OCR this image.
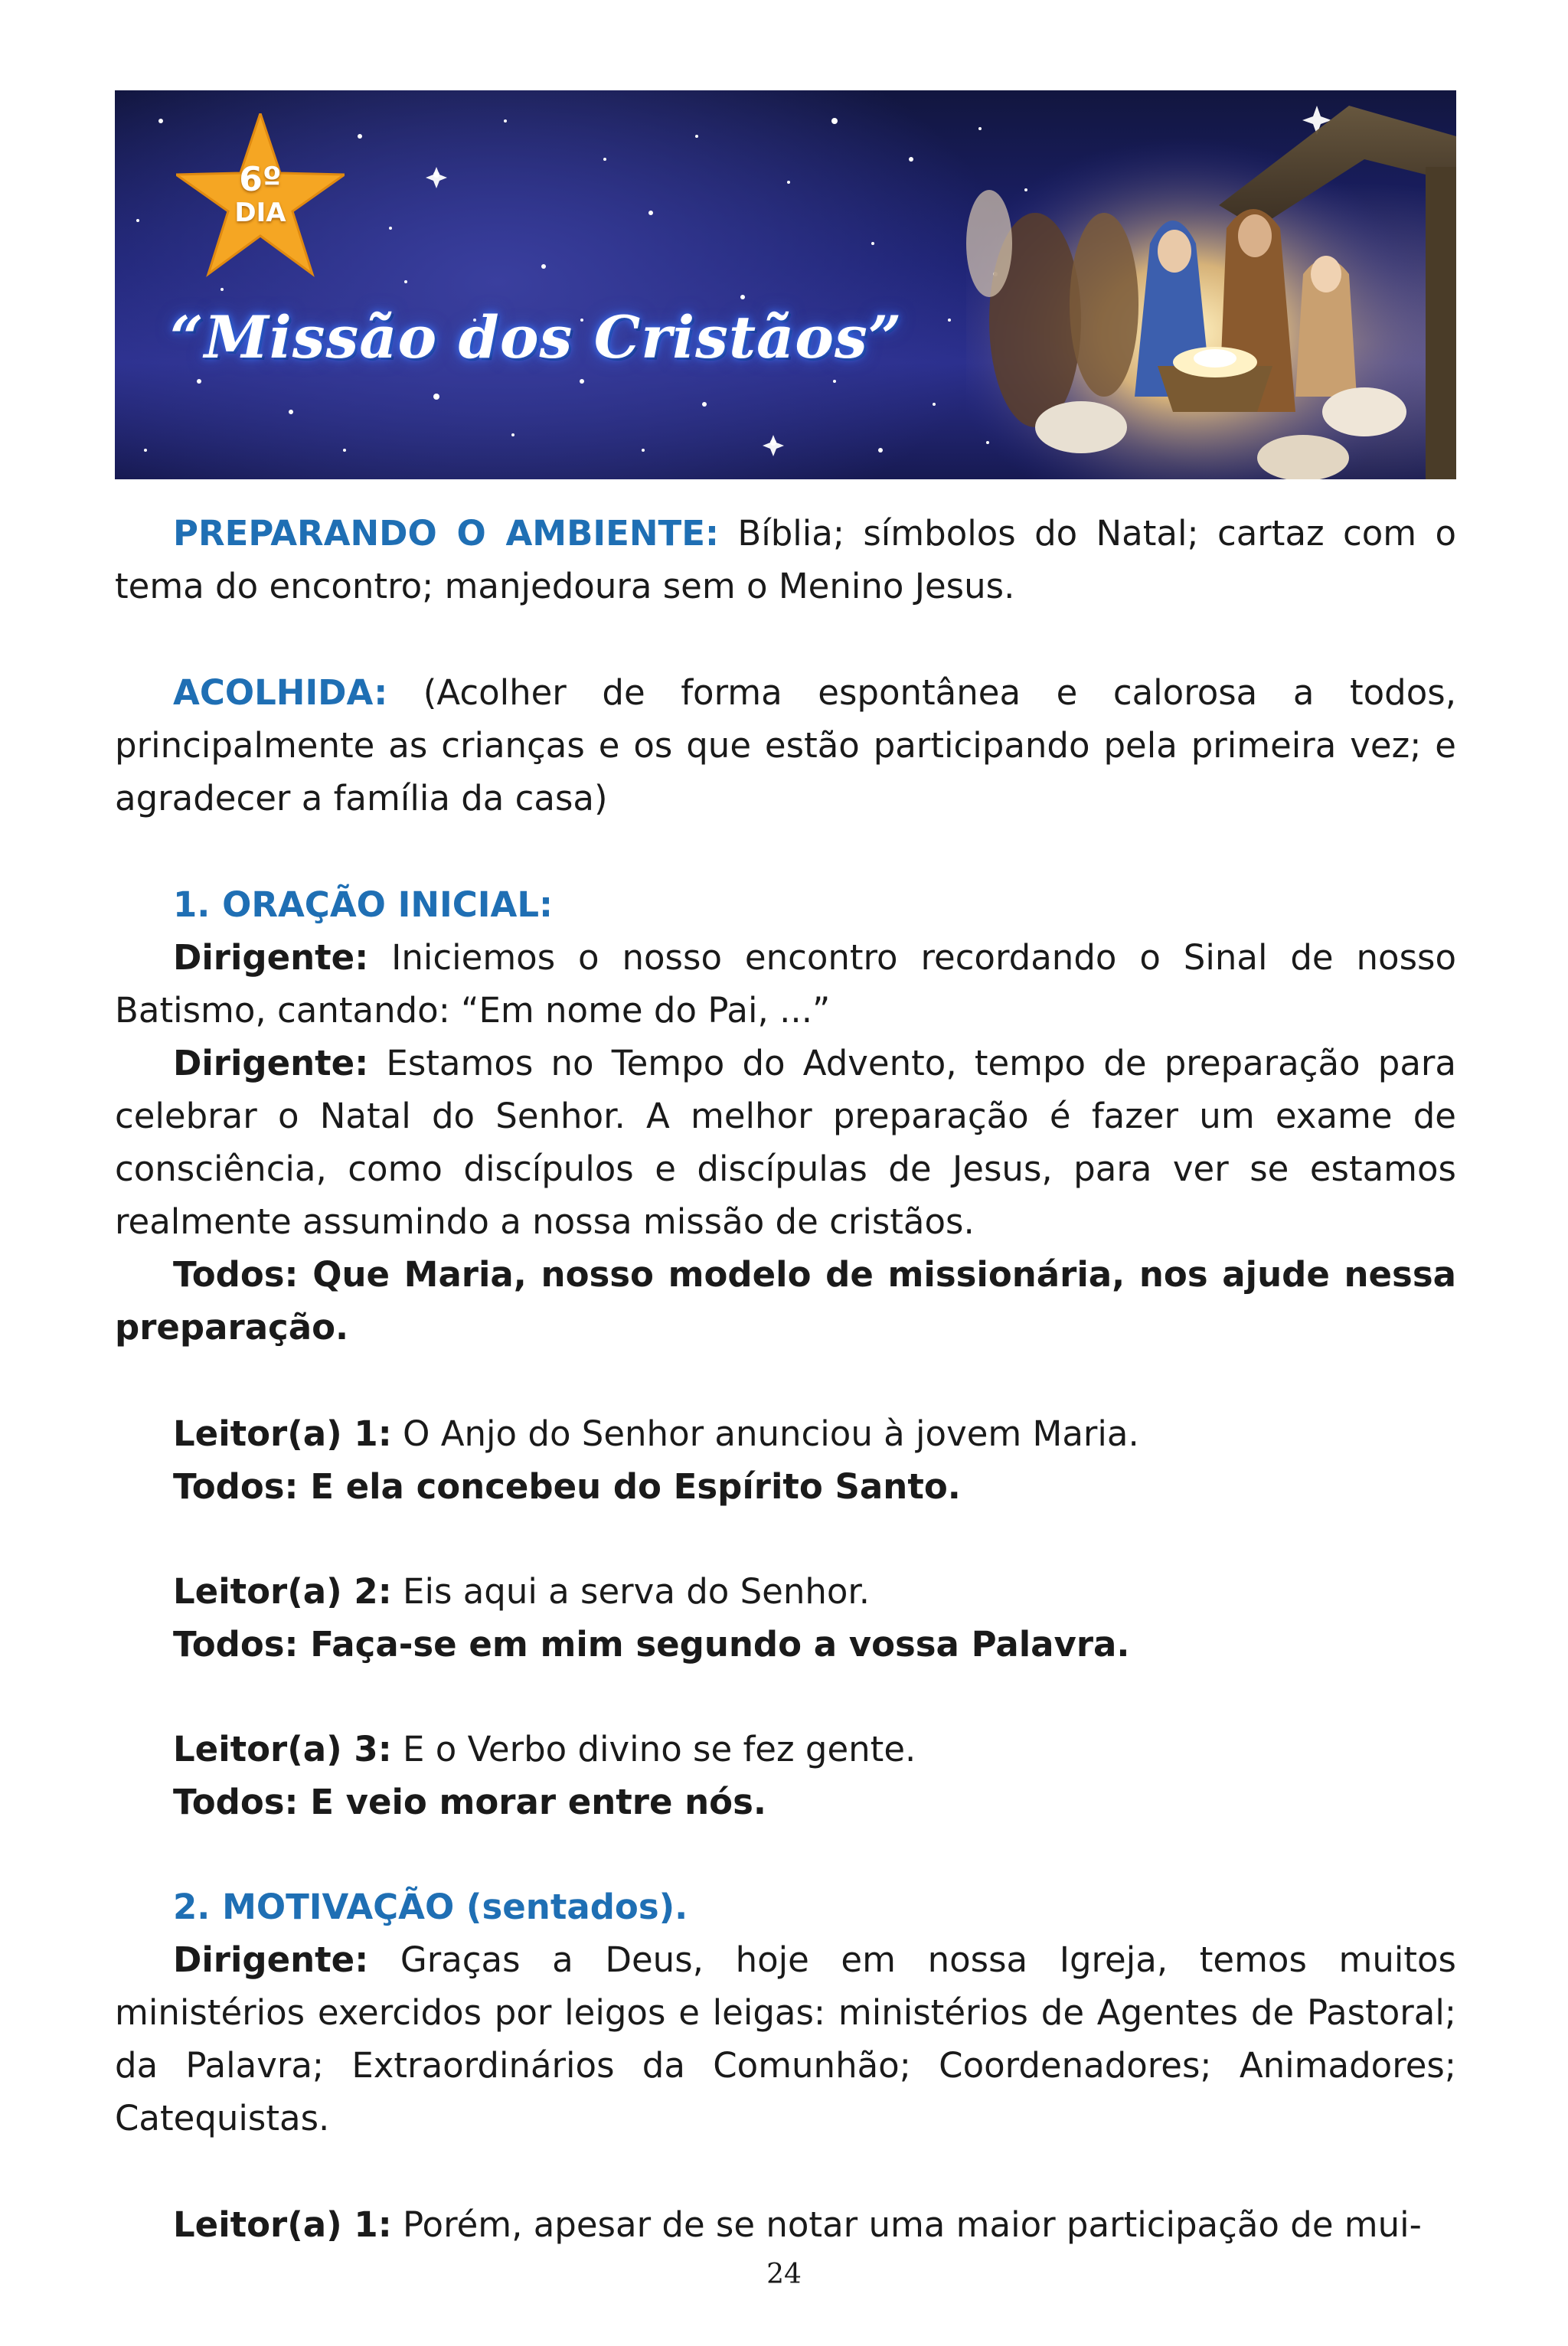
6º
DIA
“Missão dos Cristãos”

PREPARANDO O AMBIENTE: Bíblia; símbolos do Natal; cartaz com o tema do encontro; manjedoura sem o Menino Jesus.

ACOLHIDA: (Acolher de forma espontânea e calorosa a todos, principalmente as crianças e os que estão participando pela primeira vez; e agradecer a família da casa)

1. ORAÇÃO INICIAL:

Dirigente: Iniciemos o nosso encontro recordando o Sinal de nosso Batismo, cantando: “Em nome do Pai, ...”

Dirigente: Estamos no Tempo do Advento, tempo de preparação para celebrar o Natal do Senhor. A melhor preparação é fazer um exame de consciência, como discípulos e discípulas de Jesus, para ver se estamos realmente assumindo a nossa missão de cristãos.

Todos: Que Maria, nosso modelo de missionária, nos ajude nessa preparação.

Leitor(a) 1: O Anjo do Senhor anunciou à jovem Maria.

Todos: E ela concebeu do Espírito Santo.

Leitor(a) 2: Eis aqui a serva do Senhor.

Todos: Faça-se em mim segundo a vossa Palavra.

Leitor(a) 3: E o Verbo divino se fez gente.

Todos: E veio morar entre nós.

2. MOTIVAÇÃO (sentados).

Dirigente: Graças a Deus, hoje em nossa Igreja, temos muitos ministérios exercidos por leigos e leigas: ministérios de Agentes de Pastoral; da Palavra; Extraordinários da Comunhão; Coordenadores; Animadores; Catequistas.

Leitor(a) 1: Porém, apesar de se notar uma maior participação de mui-

24
